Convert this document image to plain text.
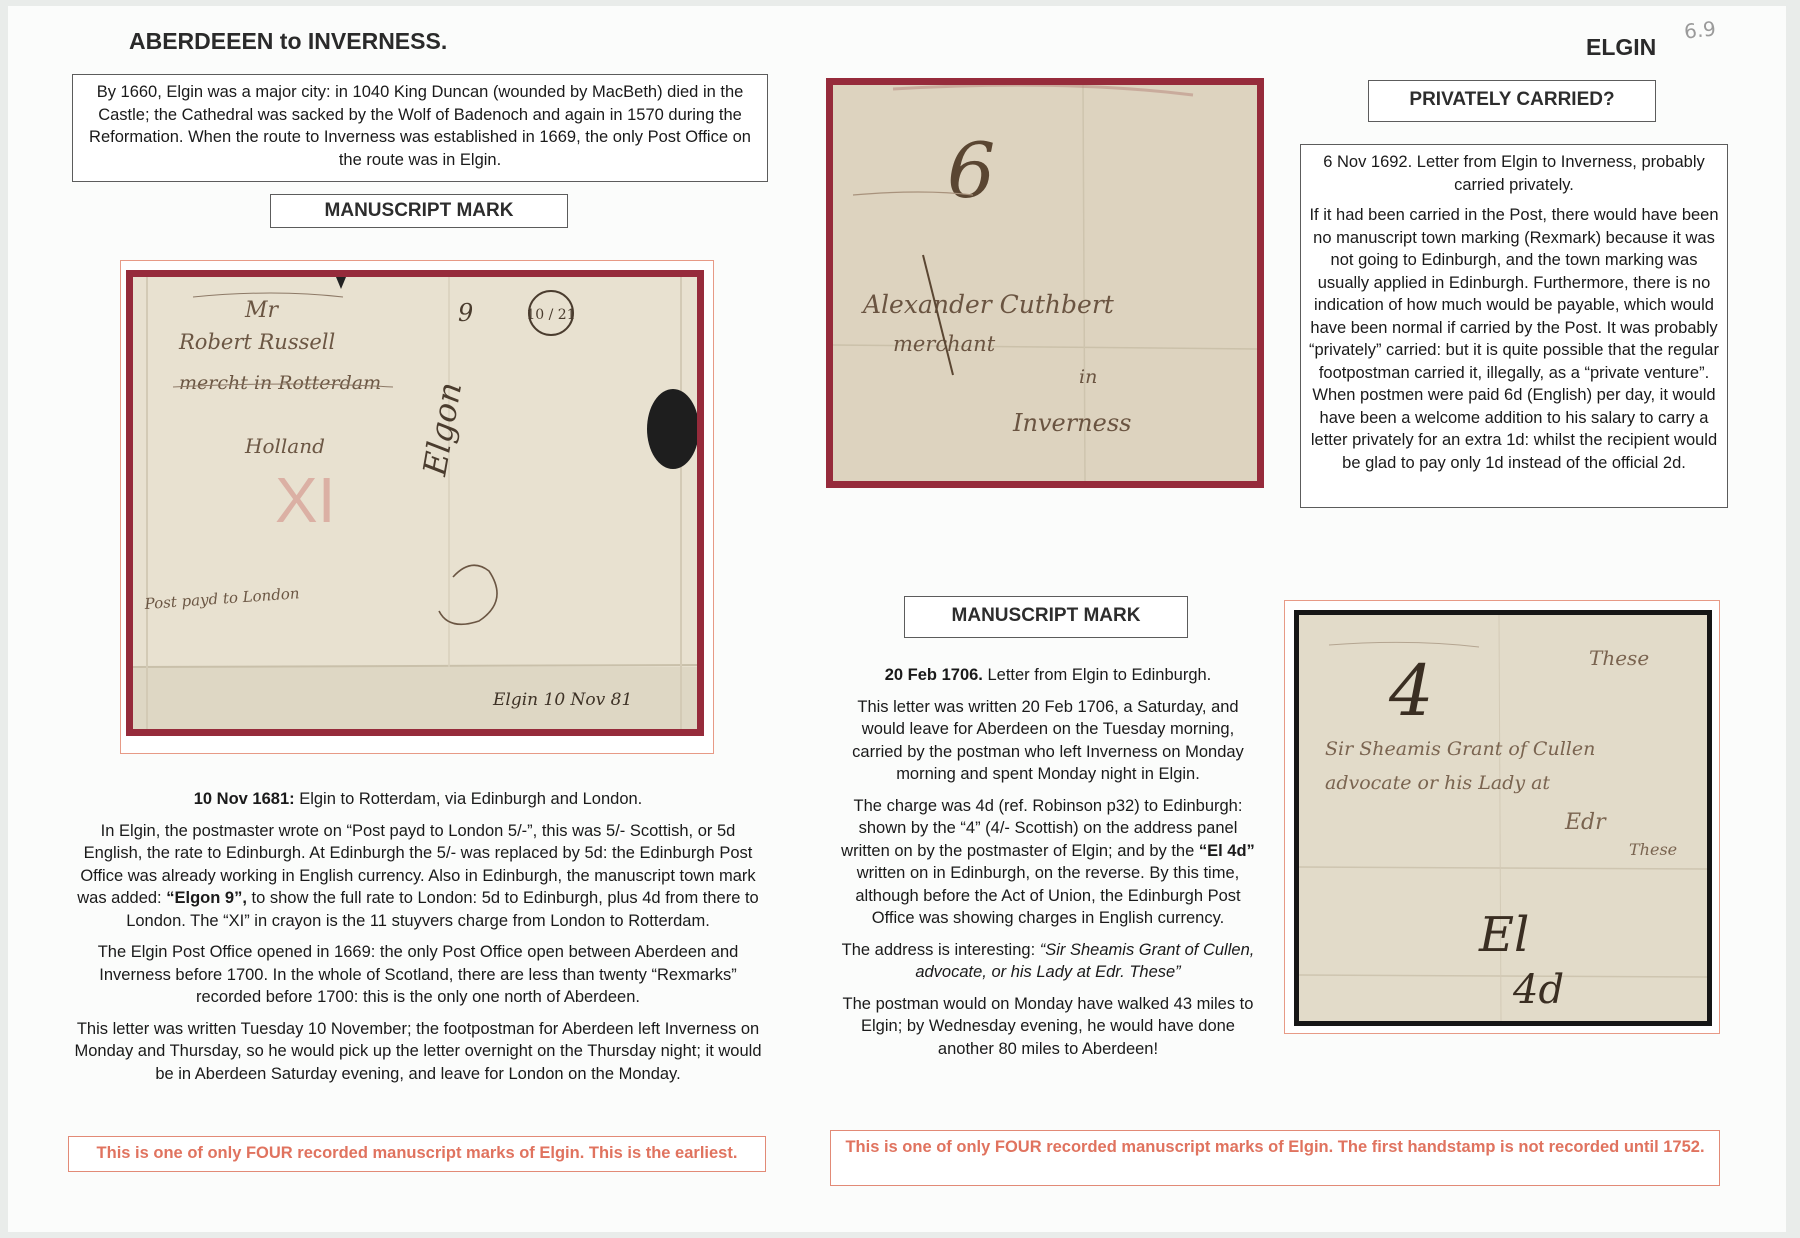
ABERDEEEN to INVERNESS.	ELGIN
6.9
By 1660, Elgin was a major city: in 1040 King Duncan (wounded by MacBeth) died in the Castle; the Cathedral was sacked by the Wolf of Badenoch and again in 1570 during the Reformation. When the route to Inverness was established in 1669, the only Post Office on the route was in Elgin.
MANUSCRIPT MARK
Mr
Robert Russell
mercht in Rotterdam
Holland
Post payd to London
Elgin 10 Nov 81
XI
Elgon
9	10 / 21

10 Nov 1681: Elgin to Rotterdam, via Edinburgh and London.

In Elgin, the postmaster wrote on “Post payd to London 5/-”, this was 5/- Scottish, or 5d English, the rate to Edinburgh. At Edinburgh the 5/- was replaced by 5d: the Edinburgh Post Office was already working in English currency. Also in Edinburgh, the manuscript town mark was added: “Elgon 9”, to show the full rate to London: 5d to Edinburgh, plus 4d from there to London. The “XI” in crayon is the 11 stuyvers charge from London to Rotterdam.

The Elgin Post Office opened in 1669: the only Post Office open between Aberdeen and Inverness before 1700. In the whole of Scotland, there are less than twenty “Rexmarks” recorded before 1700: this is the only one north of Aberdeen.

This letter was written Tuesday 10 November; the footpostman for Aberdeen left Inverness on Monday and Thursday, so he would pick up the letter overnight on the Thursday night; it would be in Aberdeen Saturday evening, and leave for London on the Monday.

This is one of only FOUR recorded manuscript marks of Elgin. This is the earliest.
6
Alexander Cuthbert
merchant
in
Inverness
PRIVATELY CARRIED?
6 Nov 1692. Letter from Elgin to Inverness, probably carried privately.
If it had been carried in the Post, there would have been no manuscript town marking (Rexmark) because it was not going to Edinburgh, and the town marking was usually applied in Edinburgh. Furthermore, there is no indication of how much would be payable, which would have been normal if carried by the Post. It was probably “privately” carried: but it is quite possible that the regular footpostman carried it, illegally, as a “private venture”. When postmen were paid 6d (English) per day, it would have been a welcome addition to his salary to carry a letter privately for an extra 1d: whilst the recipient would be glad to pay only 1d instead of the official 2d.
MANUSCRIPT MARK

20 Feb 1706. Letter from Elgin to Edinburgh.

This letter was written 20 Feb 1706, a Saturday, and would leave for Aberdeen on the Tuesday morning, carried by the postman who left Inverness on Monday morning and spent Monday night in Elgin.

The charge was 4d (ref. Robinson p32) to Edinburgh: shown by the “4” (4/- Scottish) on the address panel written on by the postmaster of Elgin; and by the “El 4d” written on in Edinburgh, on the reverse. By this time, although before the Act of Union, the Edinburgh Post Office was showing charges in English currency.

The address is interesting: “Sir Sheamis Grant of Cullen, advocate, or his Lady at Edr. These”

The postman would on Monday have walked 43 miles to Elgin; by Wednesday evening, he would have done another 80 miles to Aberdeen!

This is one of only FOUR recorded manuscript marks of Elgin. The first handstamp is not recorded until 1752.
4	These
Sir Sheamis Grant of Cullen
advocate or his Lady at
Edr
These
El
4d
